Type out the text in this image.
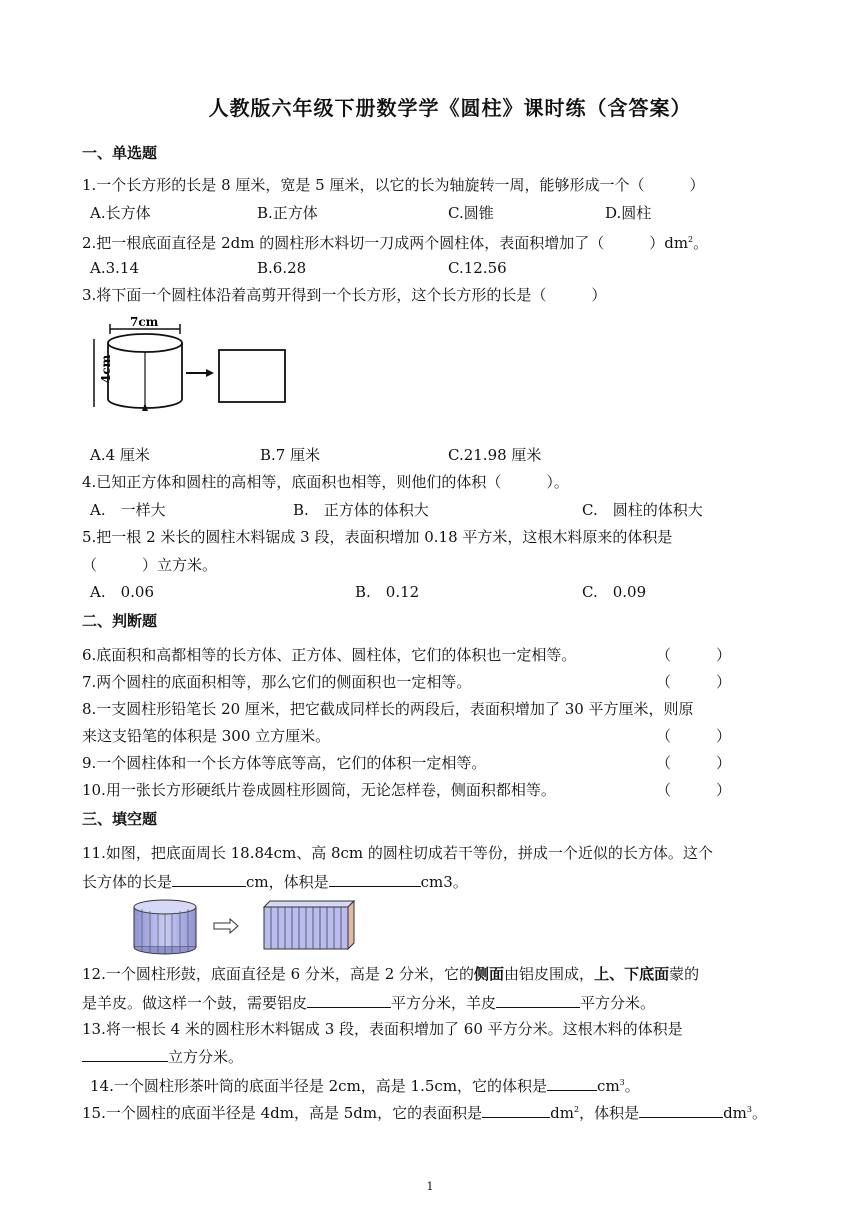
人教版六年级下册数学学《圆柱》课时练（含答案）
一、单选题
1.一个长方形的长是 8 厘米，宽是 5 厘米，以它的长为轴旋转一周，能够形成一个（　　　）
A.长方体	B.正方体	C.圆锥	D.圆柱
2.把一根底面直径是 2dm 的圆柱形木料切一刀成两个圆柱体，表面积增加了（　　　）$dm^2$。
A.3.14	B.6.28	C.12.56
3.将下面一个圆柱体沿着高剪开得到一个长方形，这个长方形的长是（　　　）
7cm
4cm
A.4 厘米	B.7 厘米	C.21.98 厘米
4.已知正方体和圆柱的高相等，底面积也相等，则他们的体积（　　　）。
A.　一样大	B.　正方体的体积大	C.　圆柱的体积大
5.把一根 2 米长的圆柱木料锯成 3 段，表面积增加 0.18 平方米，这根木料原来的体积是
（　　　）立方米。
A.　0.06	B.　0.12	C.　0.09
二、判断题
6.底面积和高都相等的长方体、正方体、圆柱体，它们的体积也一定相等。	（　　　）
7.两个圆柱的底面积相等，那么它们的侧面积也一定相等。	（　　　）
8.一支圆柱形铅笔长 20 厘米，把它截成同样长的两段后，表面积增加了 30 平方厘米，则原
来这支铅笔的体积是 300 立方厘米。	（　　　）
9.一个圆柱体和一个长方体等底等高，它们的体积一定相等。	（　　　）
10.用一张长方形硬纸片卷成圆柱形圆筒，无论怎样卷，侧面积都相等。	（　　　）
三、填空题
11.如图，把底面周长 18.84cm、高 8cm 的圆柱切成若干等份，拼成一个近似的长方体。这个
长方体的长是	cm，体积是	cm3。
12.一个圆柱形鼓，底面直径是 6 分米，高是 2 分米，它的侧面由铝皮围成，上、下底面蒙的
是羊皮。做这样一个鼓，需要铝皮	平方分米，羊皮	平方分米。
13.将一根长 4 米的圆柱形木料锯成 3 段，表面积增加了 60 平方分米。这根木料的体积是
立方分米。
14.一个圆柱形茶叶筒的底面半径是 2cm，高是 1.5cm，它的体积是	$cm^3$。
15.一个圆柱的底面半径是 4dm，高是 5dm，它的表面积是	$dm^2$，体积是	$dm^3$。
1
